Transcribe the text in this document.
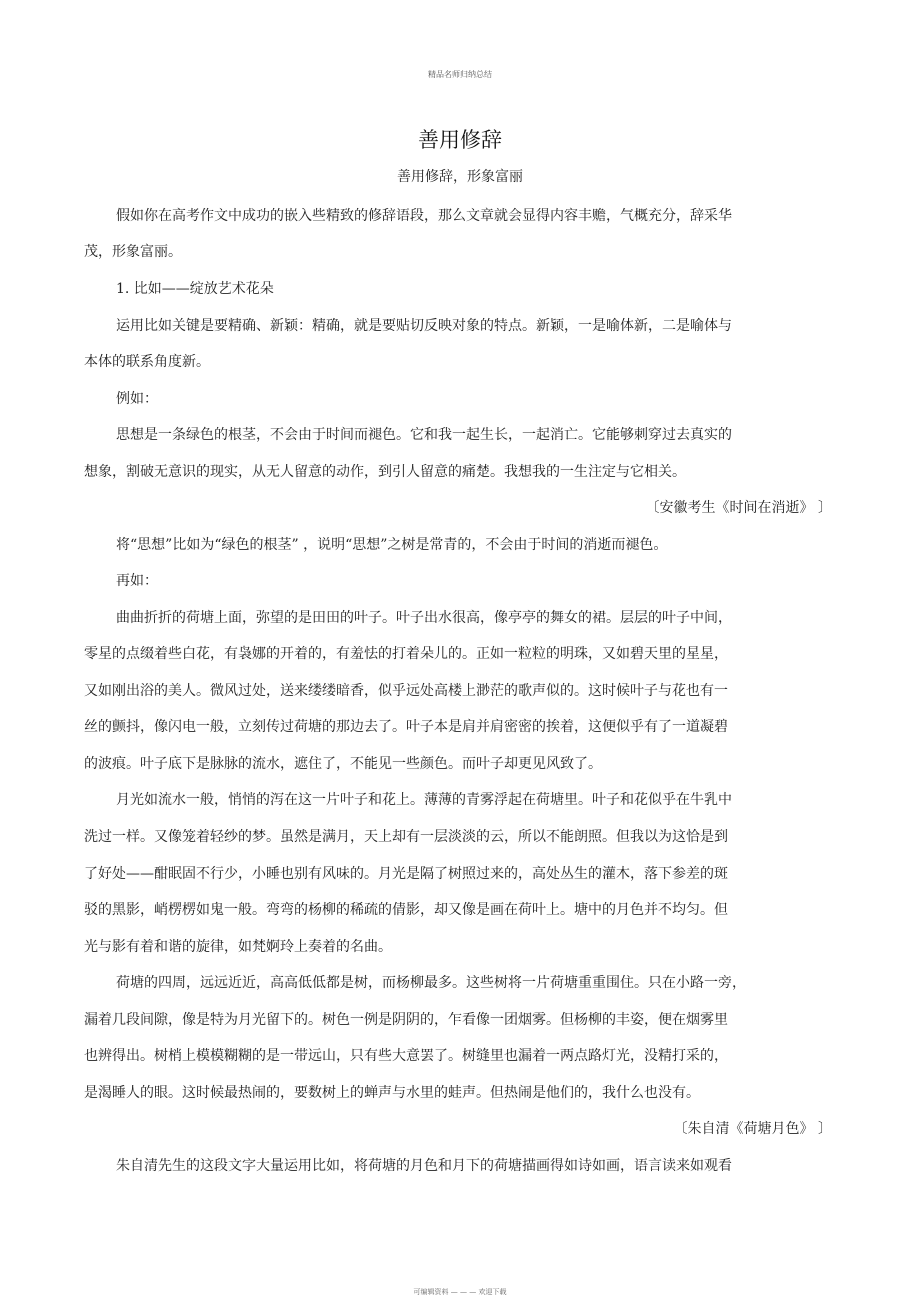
精品名师归纳总结
善用修辞
善用修辞，形象富丽
假如你在高考作文中成功的嵌入些精致的修辞语段，那么文章就会显得内容丰赡，气概充分，辞采华
茂，形象富丽。
1. 比如——绽放艺术花朵
运用比如关键是要精确、新颖：精确，就是要贴切反映对象的特点。新颖，一是喻体新，二是喻体与
本体的联系角度新。
例如：
思想是一条绿色的根茎，不会由于时间而褪色。它和我一起生长，一起消亡。它能够刺穿过去真实的
想象，割破无意识的现实，从无人留意的动作，到引人留意的痛楚。我想我的一生注定与它相关。
〔安徽考生《时间在消逝》 〕
将“思想”比如为“绿色的根茎” ，说明“思想”之树是常青的，不会由于时间的消逝而褪色。
再如：
曲曲折折的荷塘上面，弥望的是田田的叶子。叶子出水很高，像亭亭的舞女的裙。层层的叶子中间，
零星的点缀着些白花，有袅娜的开着的，有羞怯的打着朵儿的。正如一粒粒的明珠，又如碧天里的星星，
又如刚出浴的美人。微风过处，送来缕缕暗香，似乎远处高楼上渺茫的歌声似的。这时候叶子与花也有一
丝的颤抖，像闪电一般，立刻传过荷塘的那边去了。叶子本是肩并肩密密的挨着，这便似乎有了一道凝碧
的波痕。叶子底下是脉脉的流水，遮住了，不能见一些颜色。而叶子却更见风致了。
月光如流水一般，悄悄的泻在这一片叶子和花上。薄薄的青雾浮起在荷塘里。叶子和花似乎在牛乳中
洗过一样。又像笼着轻纱的梦。虽然是满月，天上却有一层淡淡的云，所以不能朗照。但我以为这恰是到
了好处——酣眠固不行少，小睡也别有风味的。月光是隔了树照过来的，高处丛生的灌木，落下参差的斑
驳的黑影，峭楞楞如鬼一般。弯弯的杨柳的稀疏的倩影，却又像是画在荷叶上。塘中的月色并不均匀。但
光与影有着和谐的旋律，如梵婀玲上奏着的名曲。
荷塘的四周，远远近近，高高低低都是树，而杨柳最多。这些树将一片荷塘重重围住。只在小路一旁，
漏着几段间隙，像是特为月光留下的。树色一例是阴阴的，乍看像一团烟雾。但杨柳的丰姿，便在烟雾里
也辨得出。树梢上模模糊糊的是一带远山，只有些大意罢了。树缝里也漏着一两点路灯光，没精打采的，
是渴睡人的眼。这时候最热闹的，要数树上的蝉声与水里的蛙声。但热闹是他们的，我什么也没有。
〔朱自清《荷塘月色》 〕
朱自清先生的这段文字大量运用比如，将荷塘的月色和月下的荷塘描画得如诗如画，语言读来如观看
可编辑资料 — — — 欢迎下载
